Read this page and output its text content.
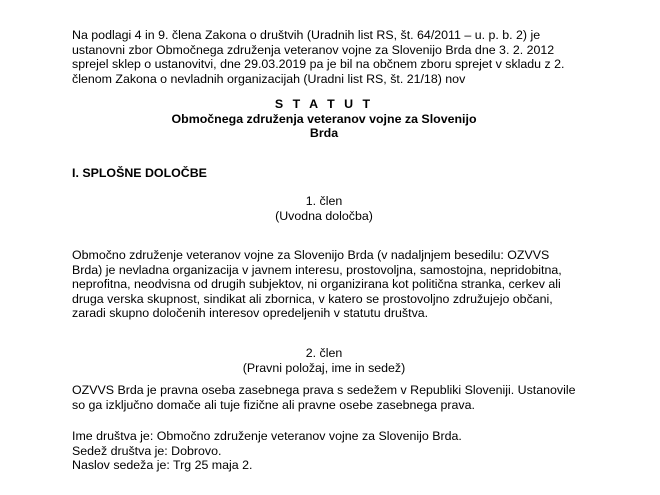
Na podlagi 4 in 9. člena Zakona o društvih (Uradnih list RS, št. 64/2011 – u. p. b. 2) je

ustanovni zbor Območnega združenja veteranov vojne za Slovenijo Brda dne 3. 2. 2012

sprejel sklep o ustanovitvi, dne 29.03.2019 pa je bil na občnem zboru sprejet v skladu z 2.

členom Zakona o nevladnih organizacijah (Uradni list RS, št. 21/18) nov

S T A T U T
Območnega združenja veteranov vojne za Slovenijo
Brda
I. SPLOŠNE DOLOČBE
1. člen
(Uvodna določba)

Območno združenje veteranov vojne za Slovenijo Brda (v nadaljnjem besedilu: OZVVS

Brda) je nevladna organizacija v javnem interesu, prostovoljna, samostojna, nepridobitna,

neprofitna, neodvisna od drugih subjektov, ni organizirana kot politična stranka, cerkev ali

druga verska skupnost, sindikat ali zbornica, v katero se prostovoljno združujejo občani,

zaradi skupno določenih interesov opredeljenih v statutu društva.

2. člen
(Pravni položaj, ime in sedež)

OZVVS Brda je pravna oseba zasebnega prava s sedežem v Republiki Sloveniji. Ustanovile

so ga izključno domače ali tuje fizične ali pravne osebe zasebnega prava.

Ime društva je: Območno združenje veteranov vojne za Slovenijo Brda.
Sedež društva je: Dobrovo.
Naslov sedeža je: Trg 25 maja 2.
